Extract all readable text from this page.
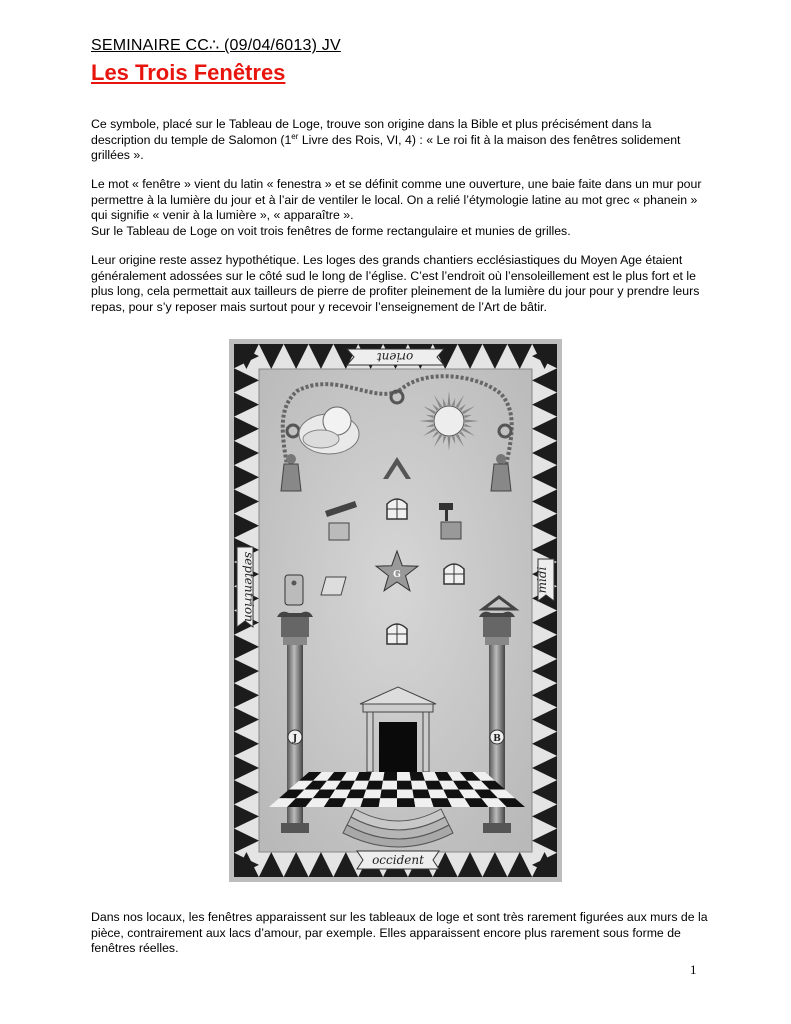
SEMINAIRE CC∴ (09/04/6013) JV
Les Trois Fenêtres
Ce symbole, placé sur le Tableau de Loge, trouve son origine dans la Bible et plus précisément dans la description du temple de Salomon (1er Livre des Rois, VI, 4) : « Le roi fit à la maison des fenêtres solidement grillées ».
Le mot « fenêtre » vient du latin « fenestra » et se définit comme une ouverture, une baie faite dans un mur pour permettre à la lumière du jour et à l’air de ventiler le local. On a relié l’étymologie latine au mot grec « phanein » qui signifie « venir à la lumière », « apparaître ».
Sur le Tableau de Loge on voit trois fenêtres de forme rectangulaire et munies de grilles.
Leur origine reste assez hypothétique. Les loges des grands chantiers ecclésiastiques du Moyen Age étaient généralement adossées sur le côté sud le long de l’église. C’est l’endroit où l’ensoleillement est le plus fort et le plus long, cela permettait aux tailleurs de pierre de profiter pleinement de la lumière du jour pour y prendre leurs repas, pour s’y reposer mais surtout pour y recevoir l’enseignement de l’Art de bâtir.
orient
occident
septentrion	midi
G
J	B
Dans nos locaux, les fenêtres apparaissent sur les tableaux de loge et sont très rarement figurées aux murs de la pièce, contrairement aux lacs d’amour, par exemple. Elles apparaissent encore plus rarement sous forme de fenêtres réelles.
1
